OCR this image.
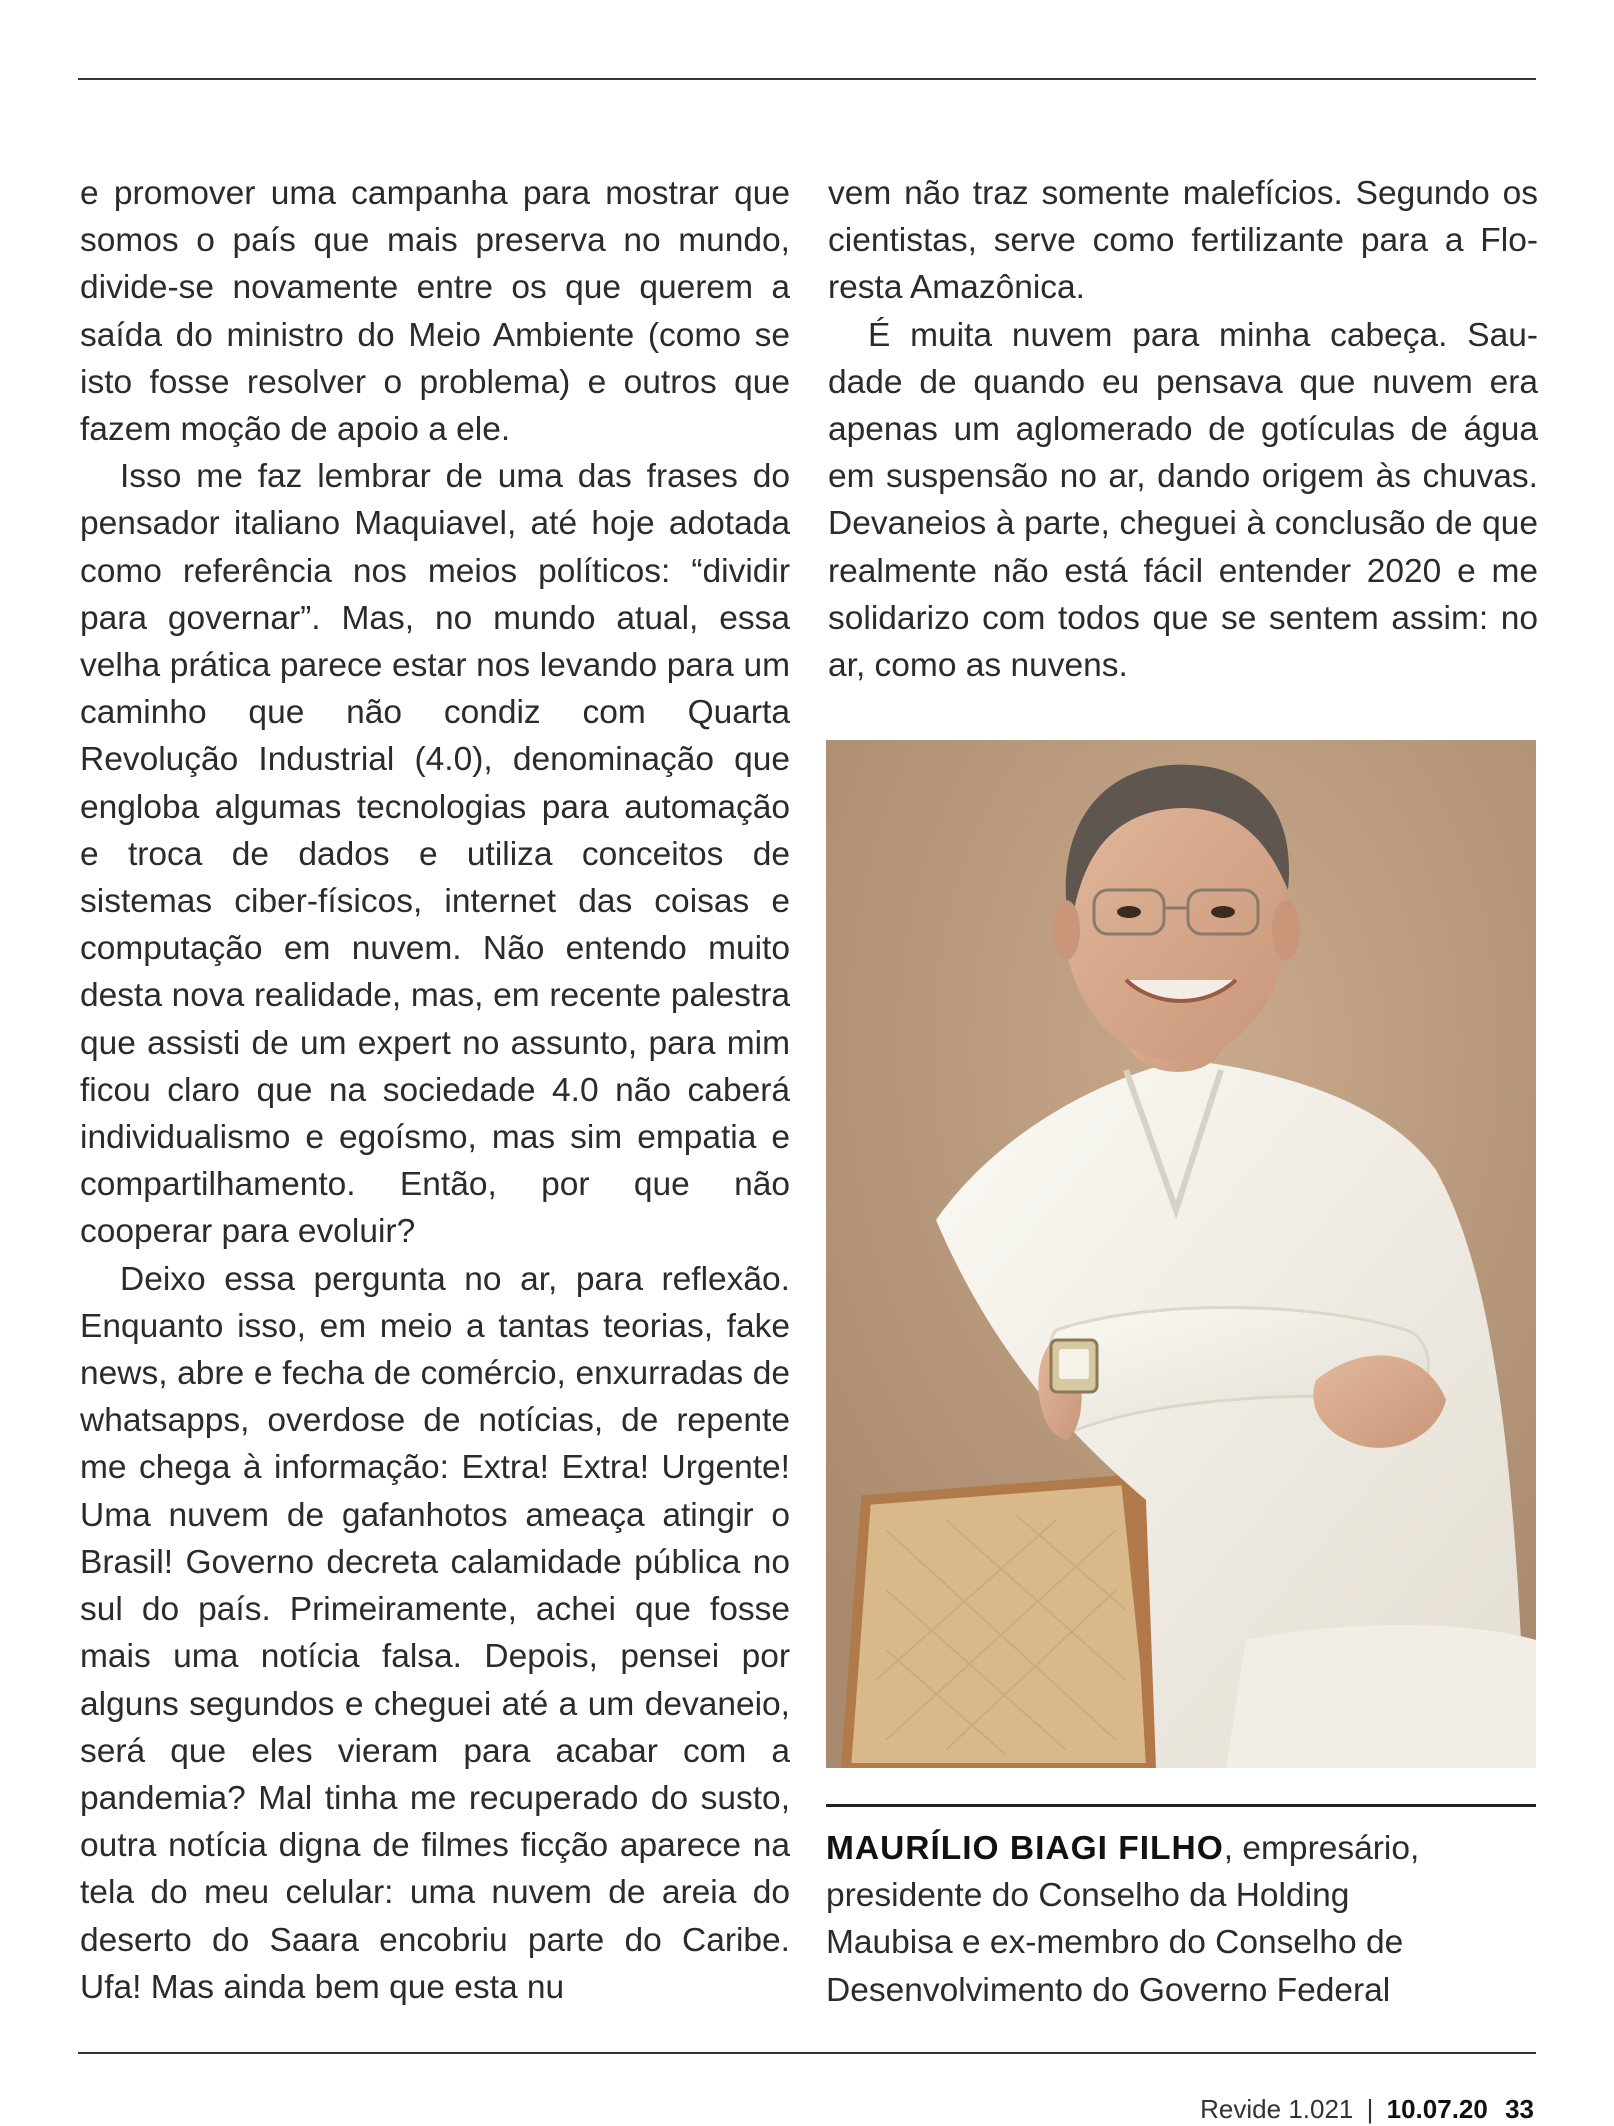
e promover uma campanha para mostrar que somos o país que mais preserva no mundo, divide-se novamente entre os que querem a saída do ministro do Meio Ambiente (como se isto fosse resolver o problema) e outros que fazem moção de apoio a ele.

Isso me faz lembrar de uma das frases do pensador italiano Maquiavel, até hoje adotada como referência nos meios políticos: “dividir para governar”. Mas, no mundo atual, essa velha prática parece estar nos levando para um caminho que não condiz com Quarta Revolução Industrial (4.0), denominação que engloba algumas tecnologias para automação e troca de dados e utiliza conceitos de sistemas ciber-físicos, internet das coisas e computação em nuvem. Não entendo muito desta nova realidade, mas, em recente palestra que assisti de um expert no assunto, para mim ficou claro que na sociedade 4.0 não caberá individualismo e egoísmo, mas sim empatia e compartilhamento. Então, por que não cooperar para evoluir?

Deixo essa pergunta no ar, para reflexão. Enquanto isso, em meio a tantas teorias, fake news, abre e fecha de comércio, enxurradas de whatsapps, overdose de notícias, de repente me chega à informação: Extra! Extra! Urgente! Uma nuvem de gafanhotos ameaça atingir o Brasil! Governo decreta calamidade pública no sul do país. Primeiramente, achei que fosse mais uma notícia falsa. Depois, pensei por alguns segundos e cheguei até a um devaneio, será que eles vieram para acabar com a pandemia? Mal tinha me recuperado do susto, outra notícia digna de filmes ficção aparece na tela do meu celular: uma nuvem de areia do deserto do Saara encobriu parte do Caribe. Ufa! Mas ainda bem que esta nu

vem não traz somente malefícios. Segundo os cientistas, serve como fertilizante para a Floresta Amazônica.

É muita nuvem para minha cabeça. Saudade de quando eu pensava que nuvem era apenas um aglomerado de gotículas de água em suspensão no ar, dando origem às chuvas. Devaneios à parte, cheguei à conclusão de que realmente não está fácil entender 2020 e me solidarizo com todos que se sentem assim: no ar, como as nuvens.

MAURÍLIO BIAGI FILHO, empresário, presidente do Conselho da Holding Maubisa e ex-membro do Conselho de Desenvolvimento do Governo Federal
Revide 1.021 | 10.07.20 33
